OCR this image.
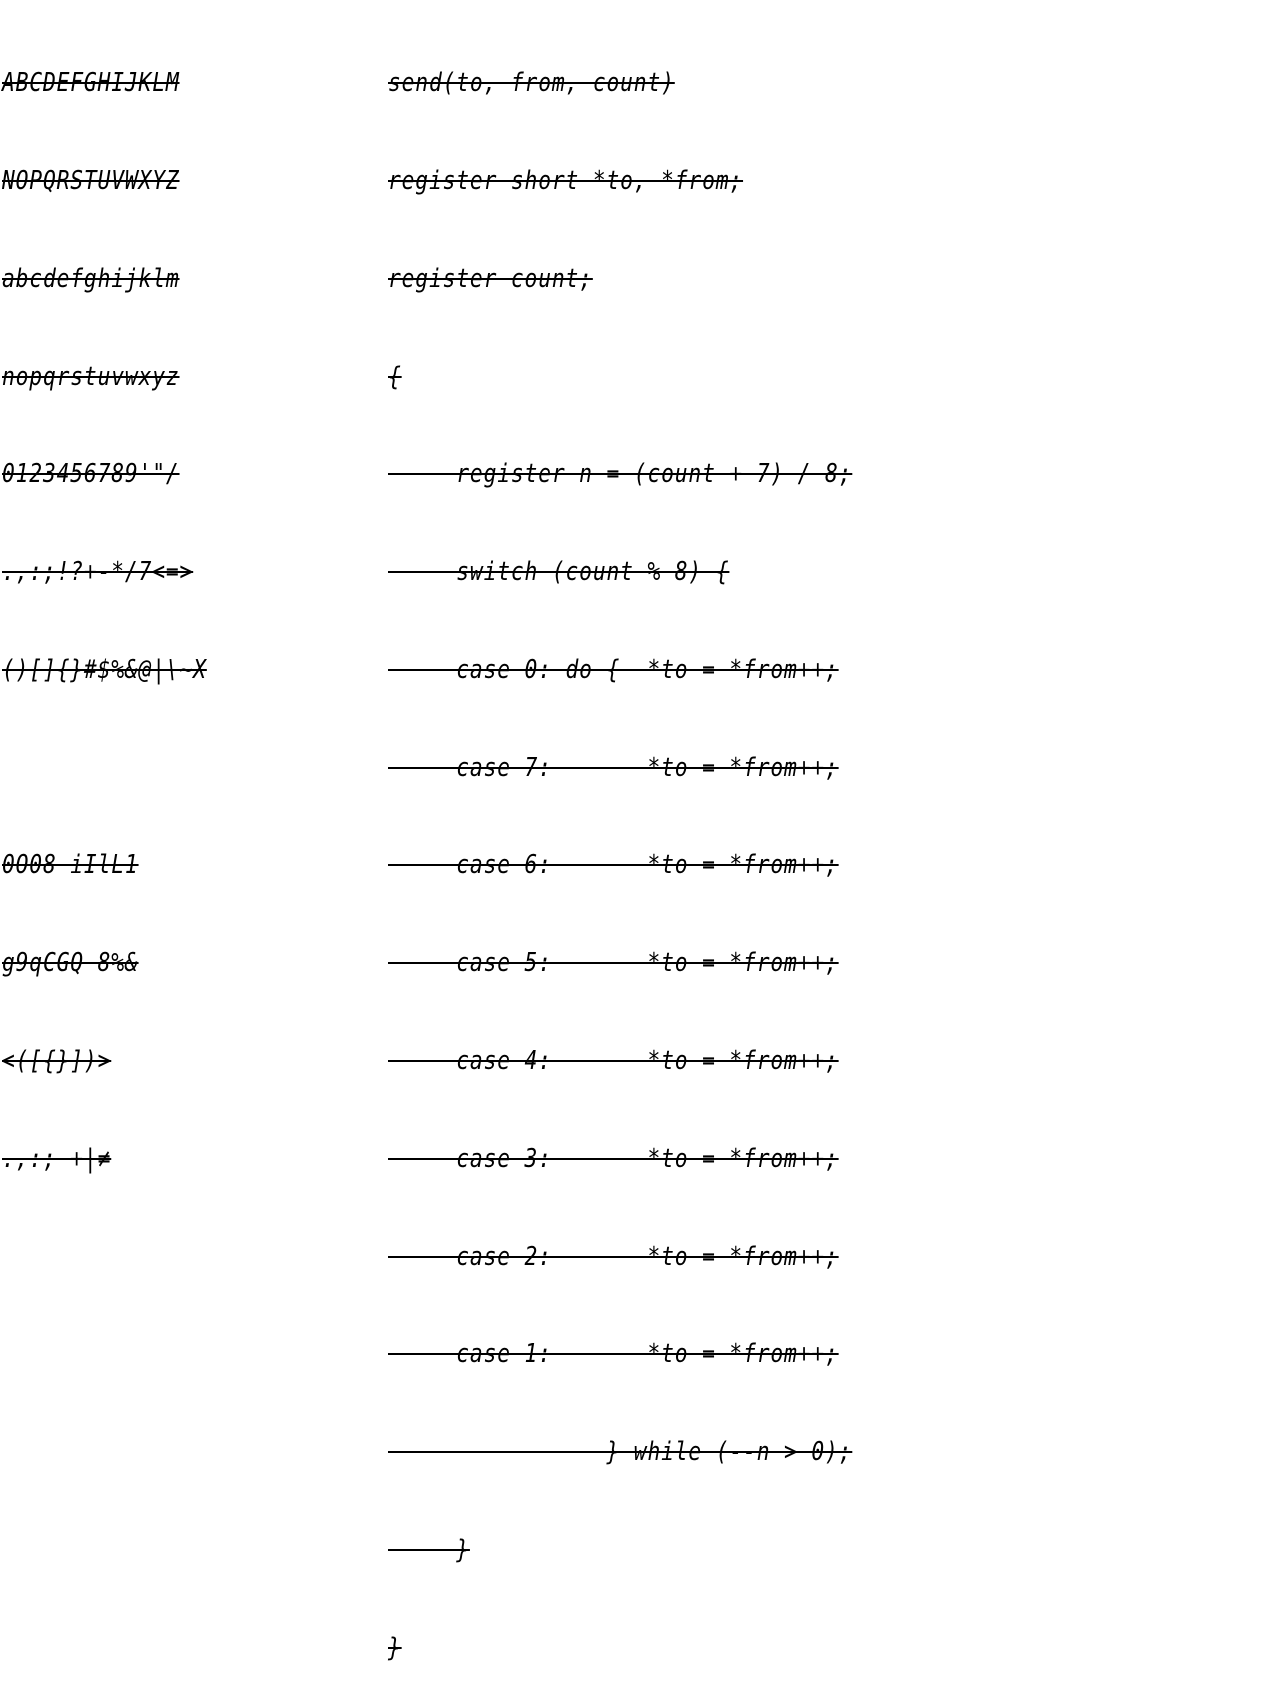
ABCDEFGHIJKLM

NOPQRSTUVWXYZ

abcdefghijklm

nopqrstuvwxyz

0123456789'"/

.,:;!?+-*/7<=>

()[]{}#$%&@|\~X

0O08 iIlL1

g9qCGQ 8%&

<([{}])>

.,:; +|≠

send(to, from, count)

register short *to, *from;

register count;

{

register n = (count + 7) / 8;

switch (count % 8) {

case 0: do {  *to = *from++;

case 7:       *to = *from++;

case 6:       *to = *from++;

case 5:       *to = *from++;

case 4:       *to = *from++;

case 3:       *to = *from++;

case 2:       *to = *from++;

case 1:       *to = *from++;

} while (--n > 0);

}

}
